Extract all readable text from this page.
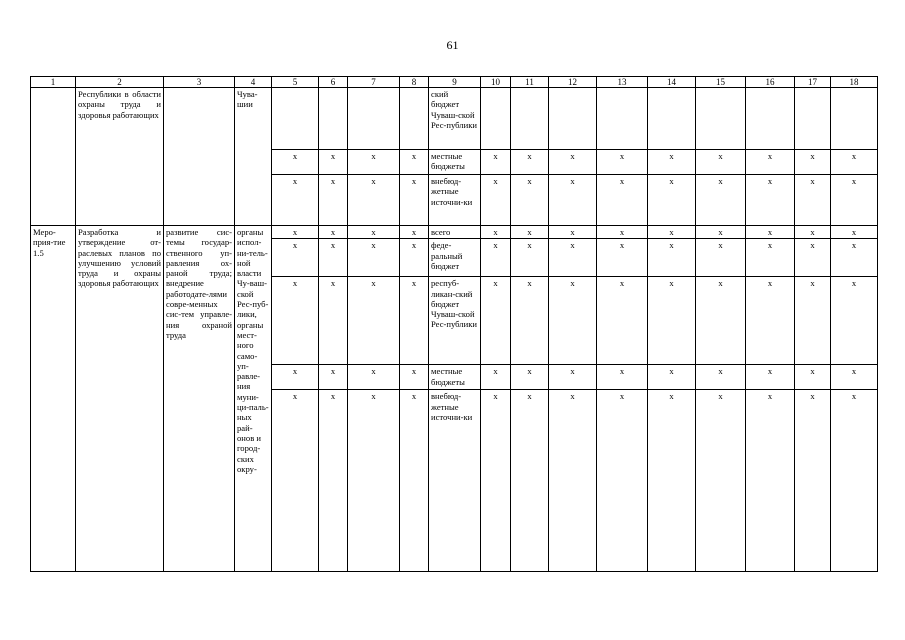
61
1	2	3	4	5	6	7	8	9	10	11	12	13	14	15	16	17	18
	Республики в области охраны труда и здоровья работающих		Чува-шии					ский бюджет Чуваш-ской Рес-публики									
				x	x	x	x	местные бюджеты	x	x	x	x	x	x	x	x	x
				x	x	x	x	внебюд-жетные источни-ки	x	x	x	x	x	x	x	x	x
Меро-прия-тие 1.5	Разработка и утверждение от-раслевых планов по улучшению условий труда и охраны здоровья работающих	развитие сис-темы государ-ственного уп-равления ох-раной труда; внедрение работодате-лями совре-менных сис-тем управле-ния охраной труда	органы испол-ни-тель-ной власти Чу-ваш-ской Рес-пуб-лики, органы мест-ного само-уп-равле-ния муни-ци-паль-ных рай-онов и город-ских окру-	x	x	x	x	всего	x	x	x	x	x	x	x	x	x
				x	x	x	x	феде-ральный бюджет	x	x	x	x	x	x	x	x	x
				x	x	x	x	респуб-ликан-ский бюджет Чуваш-ской Рес-публики	x	x	x	x	x	x	x	x	x
				x	x	x	x	местные бюджеты	x	x	x	x	x	x	x	x	x
				x	x	x	x	внебюд-жетные источни-ки	x	x	x	x	x	x	x	x	x
